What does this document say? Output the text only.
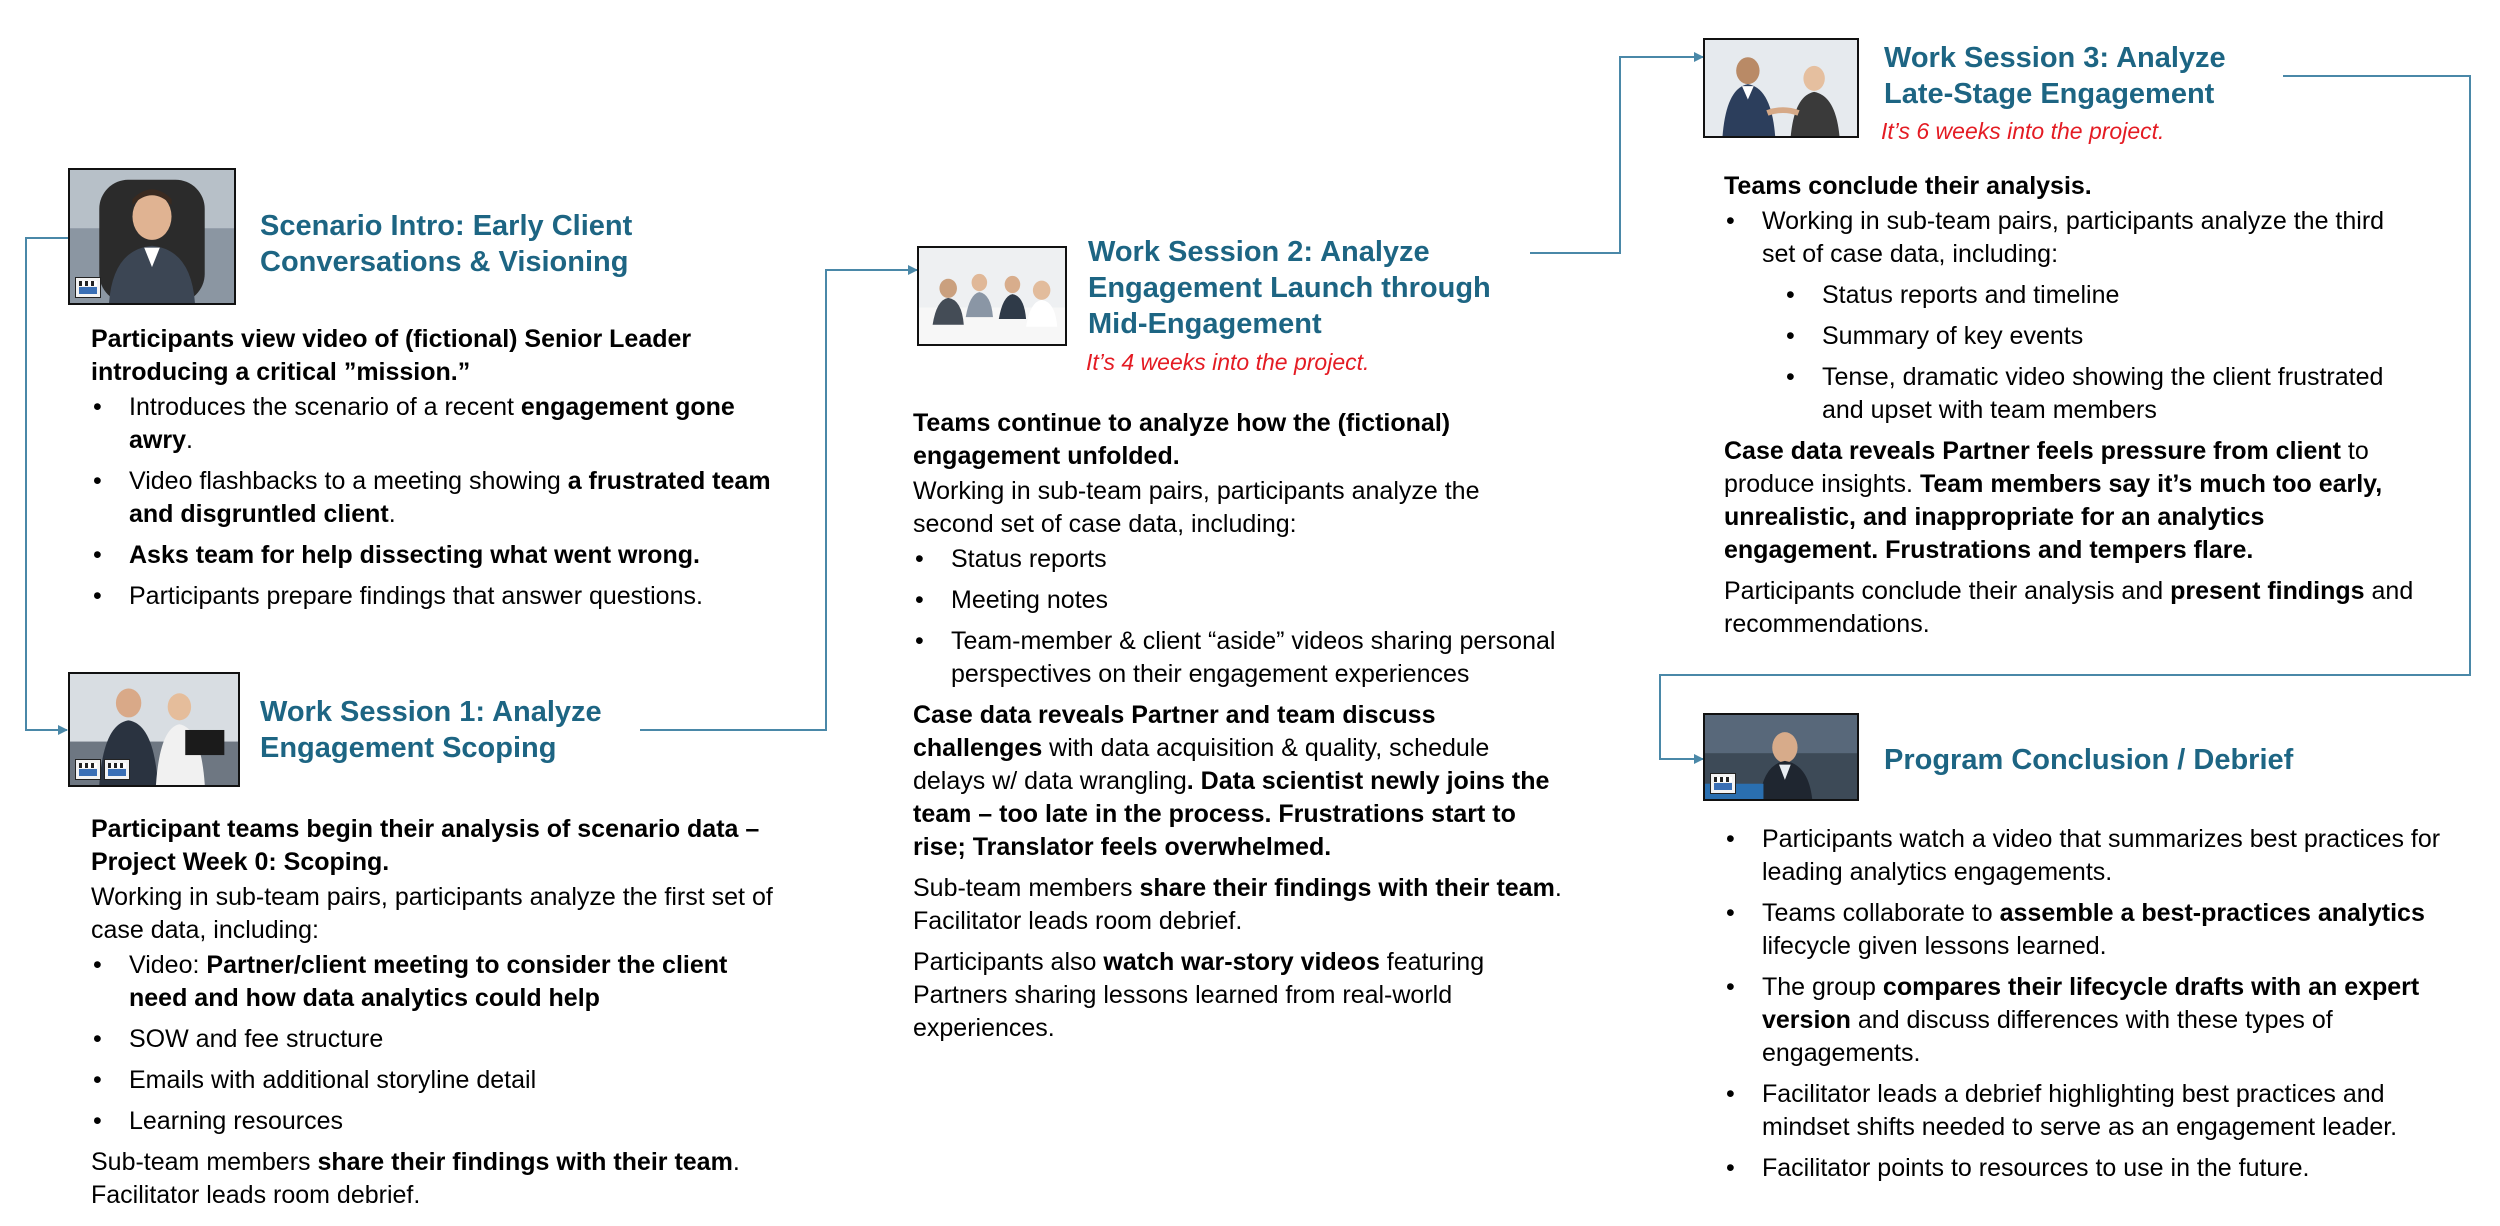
Scenario Intro: Early Client
Conversations & Visioning

Participants view video of (fictional) Senior Leader introducing a critical ”mission.”

• Introduces the scenario of a recent engagement gone awry.
• Video flashbacks to a meeting showing a frustrated team and disgruntled client.
• Asks team for help dissecting what went wrong.
• Participants prepare findings that answer questions.
Work Session 1: Analyze
Engagement Scoping

Participant teams begin their analysis of scenario data – Project Week 0: Scoping.

Working in sub-team pairs, participants analyze the first set of case data, including:

• Video: Partner/client meeting to consider the client need and how data analytics could help
• SOW and fee structure
• Emails with additional storyline detail
• Learning resources

Sub-team members share their findings with their team. Facilitator leads room debrief.

Work Session 2: Analyze
Engagement Launch through
Mid-Engagement
It’s 4 weeks into the project.

Teams continue to analyze how the (fictional) engagement unfolded.

Working in sub-team pairs, participants analyze the second set of case data, including:

• Status reports
• Meeting notes
• Team-member & client “aside” videos sharing personal perspectives on their engagement experiences

Case data reveals Partner and team discuss challenges with data acquisition & quality, schedule delays w/ data wrangling. Data scientist newly joins the team – too late in the process. Frustrations start to rise; Translator feels overwhelmed.

Sub-team members share their findings with their team. Facilitator leads room debrief.

Participants also watch war-story videos featuring Partners sharing lessons learned from real-world experiences.

Work Session 3: Analyze
Late-Stage Engagement
It’s 6 weeks into the project.

Teams conclude their analysis.

• Working in sub-team pairs, participants analyze the third set of case data, including:
• Status reports and timeline
• Summary of key events
• Tense, dramatic video showing the client frustrated and upset with team members

Case data reveals Partner feels pressure from client to produce insights. Team members say it’s much too early, unrealistic, and inappropriate for an analytics engagement. Frustrations and tempers flare.

Participants conclude their analysis and present findings and recommendations.

Program Conclusion / Debrief
• Participants watch a video that summarizes best practices for leading analytics engagements.
• Teams collaborate to assemble a best-practices analytics lifecycle given lessons learned.
• The group compares their lifecycle drafts with an expert version and discuss differences with these types of engagements.
• Facilitator leads a debrief highlighting best practices and mindset shifts needed to serve as an engagement leader.
• Facilitator points to resources to use in the future.
